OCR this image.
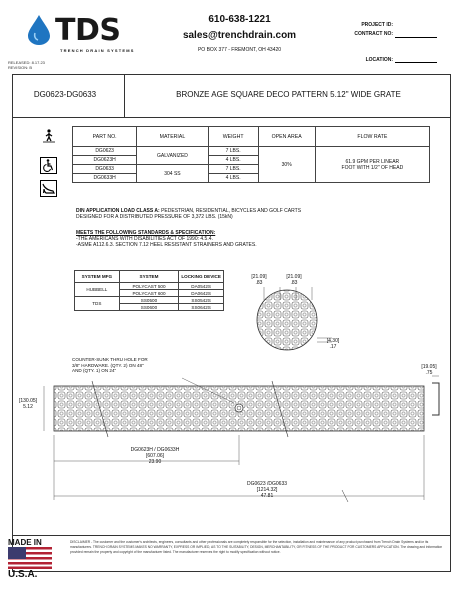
TDS
TRENCH DRAIN SYSTEMS
RELEASED: 8.17.23
REVISION: B
610-638-1221
sales@trenchdrain.com
PO BOX 377 - FREMONT, OH 43420
PROJECT ID:
CONTRACT NO:
LOCATION:
DG0623-DG0633	BRONZE AGE SQUARE DECO PATTERN 5.12" WIDE GRATE
PART NO.	MATERIAL	WEIGHT	OPEN AREA	FLOW RATE
DG0623	GALVANIZED	7 LBS.	30%	61.9 GPM PER LINEAR
FOOT WITH 1/2" OF HEAD

DG0623H		4 LBS.		
DG0633	304 SS	7 LBS.		
DG0633H		4 LBS.		
DIN APPLICATION LOAD CLASS A: PEDESTRIAN, RESIDENTIAL, BICYCLES AND GOLF CARTS
DESIGNED FOR A DISTRIBUTED PRESSURE OF 3,372 LBS. (15kN)
MEETS THE FOLLOWING STANDARDS & SPECIFICATION:
-THE AMERICANS WITH DISABILITIES ACT OF 1990: 4.5.4.
-ASME A112.6.3. SECTION 7.12 HEEL RESISTANT STRAINERS AND GRATES.
SYSTEM MFG	SYSTEM	LOCKING DEVICE
HUBBELL	POLYCAST 500	DA0542S
	POLYCAST 600	DA0642S
TDS	SS0500	SS0542S
	SS0600	SS0642S
[21.09]
.83
[21.09]
.83
[4.30]
.17
[19.05]
.75
[130.05]
5.12
COUNTER-SUNK THRU HOLE FOR
3/8" HARDWARE. (QTY. 2) ON 48"
AND (QTY. 1) ON 24"
DG0623H / DG0633H
[607.06]
23.90
DG0623 /DG0633
[1214.32]
47.81
MADE IN
U.S.A.
DISCLAIMER - The customer and the customer's architects, engineers, consultants and other professionals are completely responsible for the selection, installation and maintenance of any product purchased from Trench Drain Systems and/or its manufacturers. TRENCH DRAIN SYSTEMS MAKES NO WARRANTY, EXPRESS OR IMPLIED, AS TO THE SUITABILITY, DESIGN, MERCHANTABILITY, OR FITNESS OF THE PRODUCT FOR CUSTOMERS APPLICATION. The drawing and information provided remain the property and copyright of the manufacturer listed. The manufacturer reserves the right to modify specification without notice.
